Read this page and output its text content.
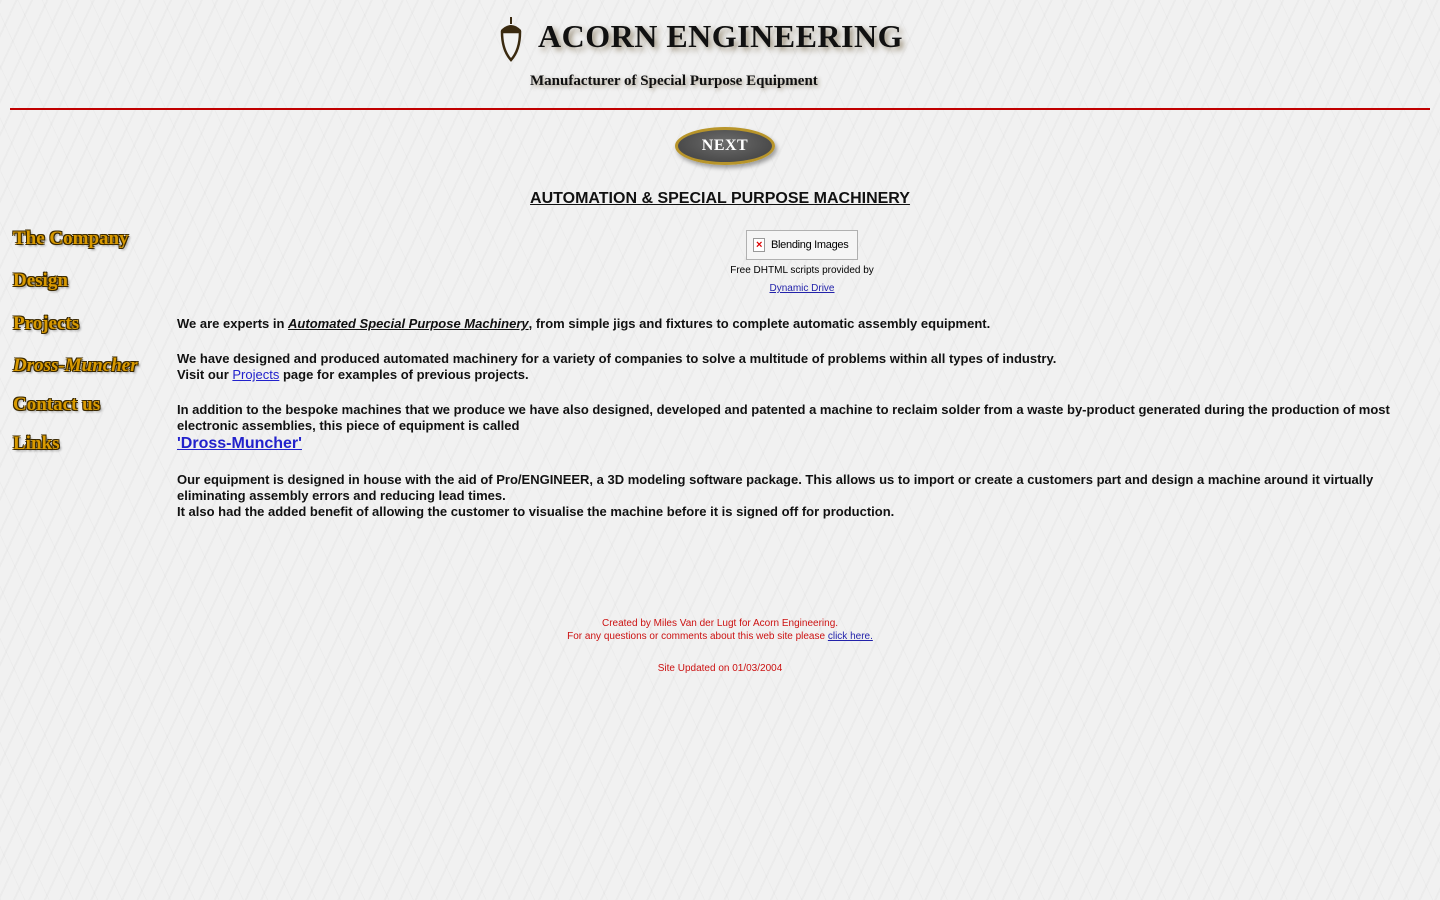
ACORN ENGINEERING
Manufacturer of Special Purpose Equipment
NEXT
AUTOMATION & SPECIAL PURPOSE MACHINERY
The Company
Design
Projects
Dross-Muncher
Contact us
Links
× Blending Images
Free DHTML scripts provided by
Dynamic Drive

We are experts in Automated Special Purpose Machinery, from simple jigs and fixtures to complete automatic assembly equipment.

We have designed and produced automated machinery for a variety of companies to solve a multitude of problems within all types of industry.
Visit our Projects page for examples of previous projects.

In addition to the bespoke machines that we produce we have also designed, developed and patented a machine to reclaim solder from a waste by-product generated during the production of most electronic assemblies, this piece of equipment is called
'Dross-Muncher'

Our equipment is designed in house with the aid of Pro/ENGINEER, a 3D modeling software package. This allows us to import or create a customers part and design a machine around it virtually eliminating assembly errors and reducing lead times.
It also had the added benefit of allowing the customer to visualise the machine before it is signed off for production.

Created by Miles Van der Lugt for Acorn Engineering.
For any questions or comments about this web site please click here.
Site Updated on 01/03/2004
